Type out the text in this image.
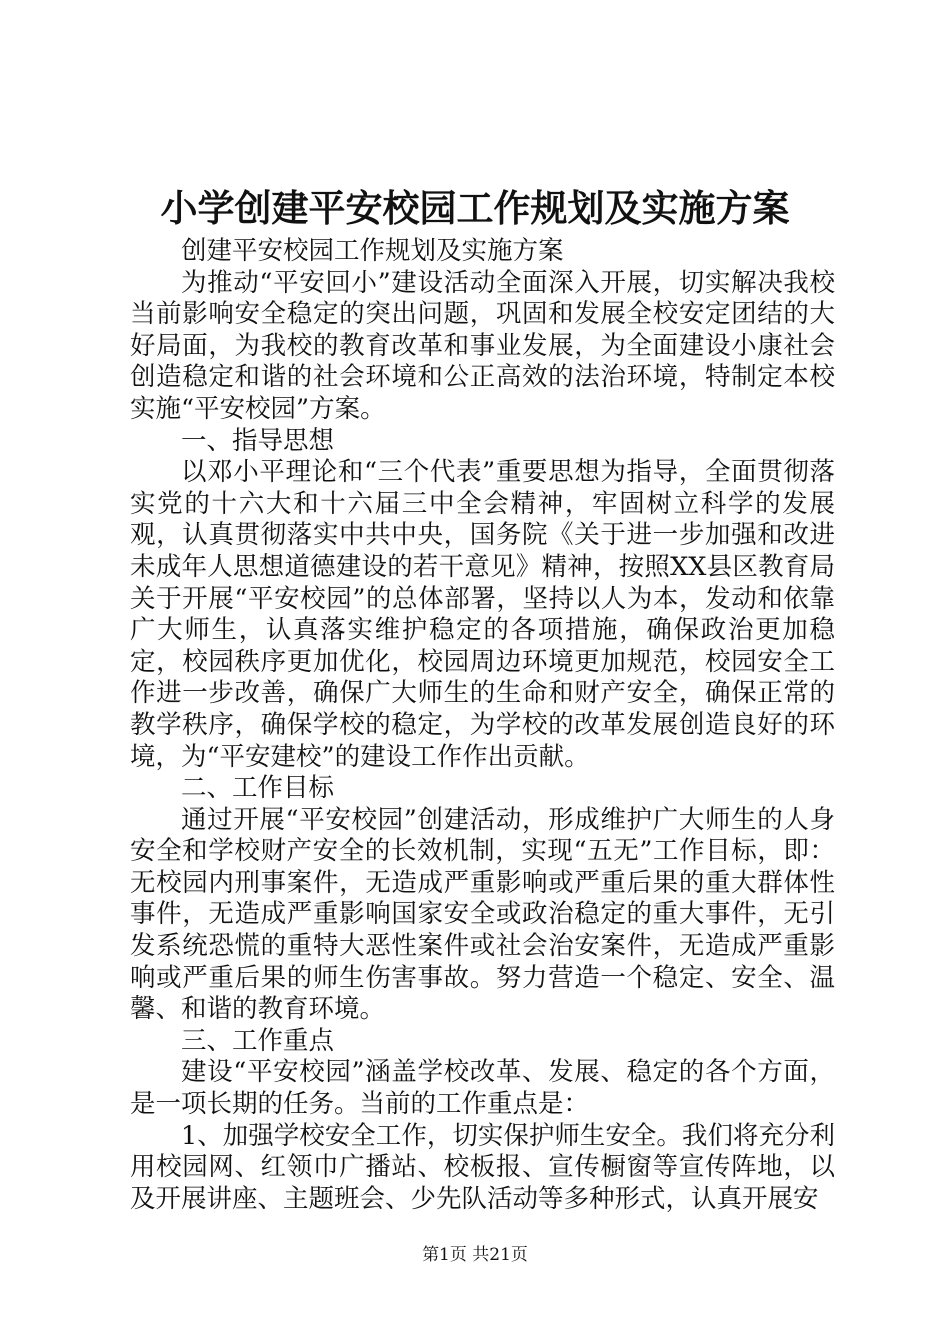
小学创建平安校园工作规划及实施方案

创建平安校园工作规划及实施方案

为推动“平安回小”建设活动全面深入开展，切实解决我校当前影响安全稳定的突出问题，巩固和发展全校安定团结的大好局面，为我校的教育改革和事业发展，为全面建设小康社会创造稳定和谐的社会环境和公正高效的法治环境，特制定本校实施“平安校园”方案。

一、指导思想

以邓小平理论和“三个代表”重要思想为指导，全面贯彻落实党的十六大和十六届三中全会精神，牢固树立科学的发展观，认真贯彻落实中共中央，国务院《关于进一步加强和改进未成年人思想道德建设的若干意见》精神，按照XX县区教育局关于开展“平安校园”的总体部署，坚持以人为本，发动和依靠广大师生，认真落实维护稳定的各项措施，确保政治更加稳定，校园秩序更加优化，校园周边环境更加规范，校园安全工作进一步改善，确保广大师生的生命和财产安全，确保正常的教学秩序，确保学校的稳定，为学校的改革发展创造良好的环境，为“平安建校”的建设工作作出贡献。

二、工作目标

通过开展“平安校园”创建活动，形成维护广大师生的人身安全和学校财产安全的长效机制，实现“五无”工作目标，即：无校园内刑事案件，无造成严重影响或严重后果的重大群体性事件，无造成严重影响国家安全或政治稳定的重大事件，无引发系统恐慌的重特大恶性案件或社会治安案件，无造成严重影响或严重后果的师生伤害事故。努力营造一个稳定、安全、温馨、和谐的教育环境。

三、工作重点

建设“平安校园”涵盖学校改革、发展、稳定的各个方面，是一项长期的任务。当前的工作重点是：

1、加强学校安全工作，切实保护师生安全。我们将充分利用校园网、红领巾广播站、校板报、宣传橱窗等宣传阵地，以及开展讲座、主题班会、少先队活动等多种形式，认真开展安

第1页 共21页
